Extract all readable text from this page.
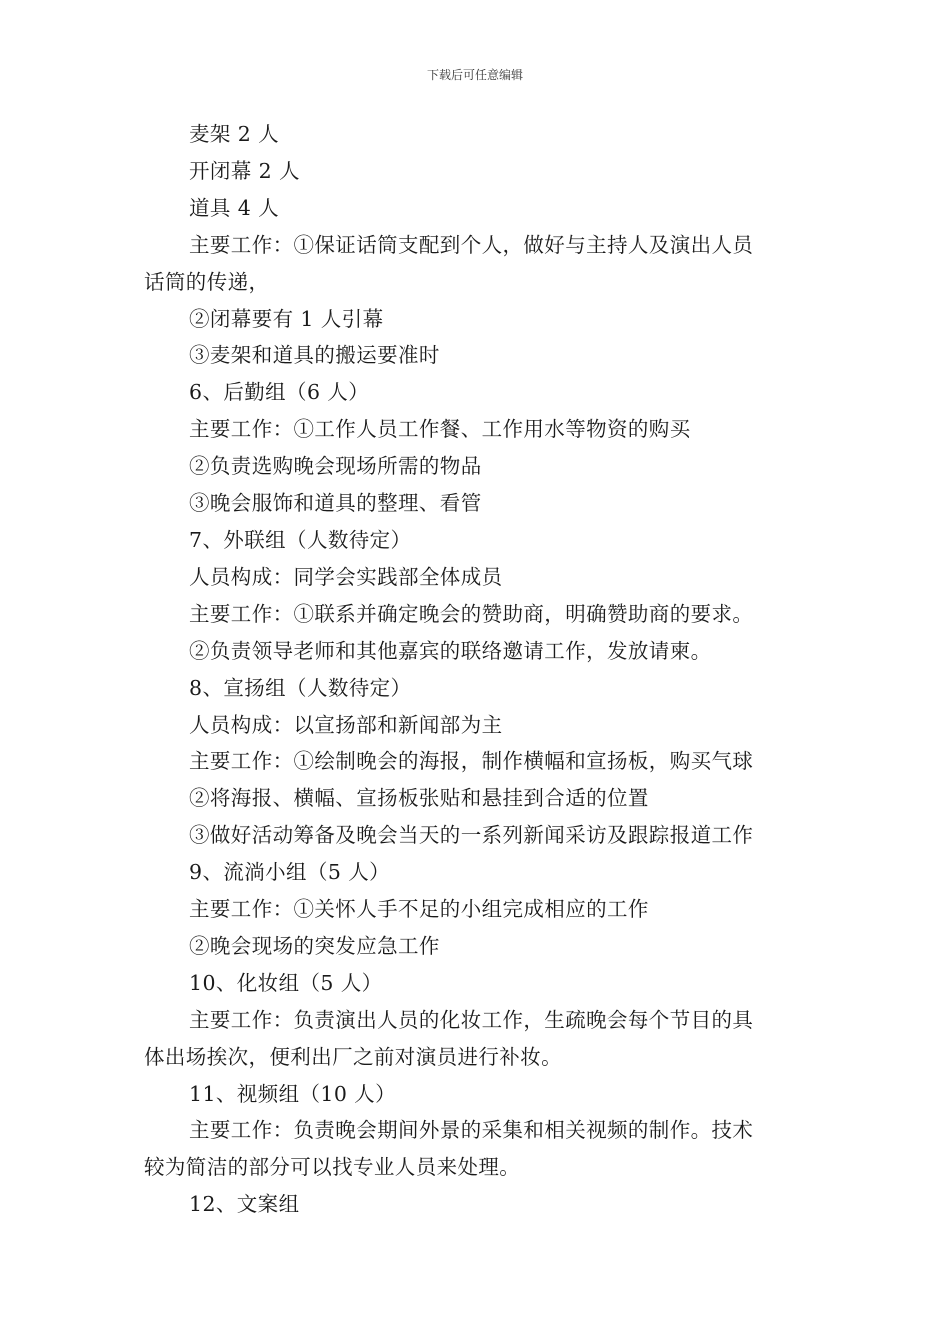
下载后可任意编辑
麦架 2 人
开闭幕 2 人
道具 4 人
主要工作：①保证话筒支配到个人，做好与主持人及演出人员
话筒的传递，
②闭幕要有 1 人引幕
③麦架和道具的搬运要准时
6、后勤组（6 人）
主要工作：①工作人员工作餐、工作用水等物资的购买
②负责选购晚会现场所需的物品
③晚会服饰和道具的整理、看管
7、外联组（人数待定）
人员构成：同学会实践部全体成员
主要工作：①联系并确定晚会的赞助商，明确赞助商的要求。
②负责领导老师和其他嘉宾的联络邀请工作，发放请柬。
8、宣扬组（人数待定）
人员构成：以宣扬部和新闻部为主
主要工作：①绘制晚会的海报，制作横幅和宣扬板，购买气球
②将海报、横幅、宣扬板张贴和悬挂到合适的位置
③做好活动筹备及晚会当天的一系列新闻采访及跟踪报道工作
9、流淌小组（5 人）
主要工作：①关怀人手不足的小组完成相应的工作
②晚会现场的突发应急工作
10、化妆组（5 人）
主要工作：负责演出人员的化妆工作，生疏晚会每个节目的具
体出场挨次，便利出厂之前对演员进行补妆。
11、视频组（10 人）
主要工作：负责晚会期间外景的采集和相关视频的制作。技术
较为简洁的部分可以找专业人员来处理。
12、文案组
